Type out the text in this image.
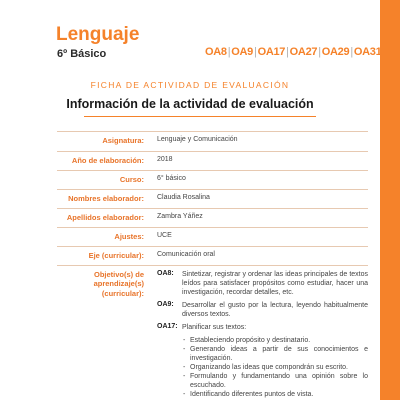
Lenguaje
6º Básico	OA8|OA9|OA17|OA27|OA29|OA31
FICHA DE ACTIVIDAD DE EVALUACIÓN
Información de la actividad de evaluación
Asignatura:	Lenguaje y Comunicación
Año de elaboración:	2018
Curso:	6° básico
Nombres elaborador:	Claudia Rosalina
Apellidos elaborador:	Zambra Yáñez
Ajustes:	UCE
Eje (curricular):	Comunicación oral
Objetivo(s) de
aprendizaje(s)
(curricular):
OA8:	Sintetizar, registrar y ordenar las ideas principales de textos leídos para satisfacer propósitos como estudiar, hacer una investigación, recordar detalles, etc.
OA9:	Desarrollar el gusto por la lectura, leyendo habitualmente diversos textos.
OA17: Planificar sus textos:
- Estableciendo propósito y destinatario.
- Generando ideas a partir de sus conocimientos e investigación.
- Organizando las ideas que compondrán su escrito.
- Formulando y fundamentando una opinión sobre lo escuchado.
- Identificando diferentes puntos de vista.
